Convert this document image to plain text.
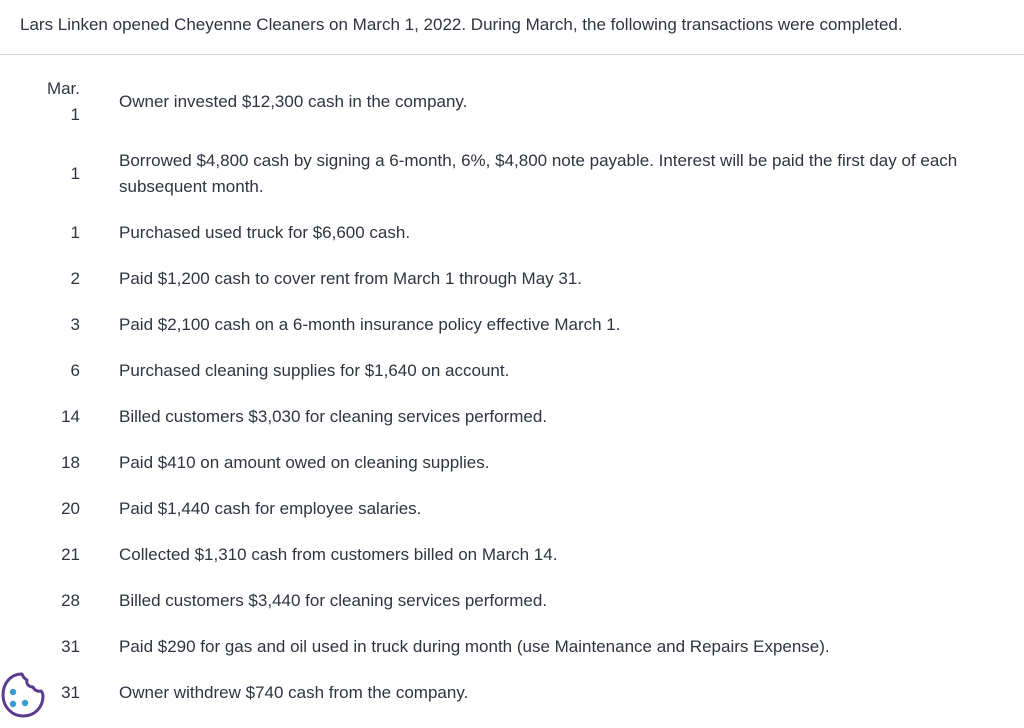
Lars Linken opened Cheyenne Cleaners on March 1, 2022. During March, the following transactions were completed.
Mar.
1
Owner invested $12,300 cash in the company.
1
Borrowed $4,800 cash by signing a 6-month, 6%, $4,800 note payable. Interest will be paid the first day of each subsequent month.
1 Purchased used truck for $6,600 cash.
2 Paid $1,200 cash to cover rent from March 1 through May 31.
3 Paid $2,100 cash on a 6-month insurance policy effective March 1.
6 Purchased cleaning supplies for $1,640 on account.
14 Billed customers $3,030 for cleaning services performed.
18 Paid $410 on amount owed on cleaning supplies.
20 Paid $1,440 cash for employee salaries.
21 Collected $1,310 cash from customers billed on March 14.
28 Billed customers $3,440 for cleaning services performed.
31 Paid $290 for gas and oil used in truck during month (use Maintenance and Repairs Expense).
31 Owner withdrew $740 cash from the company.
